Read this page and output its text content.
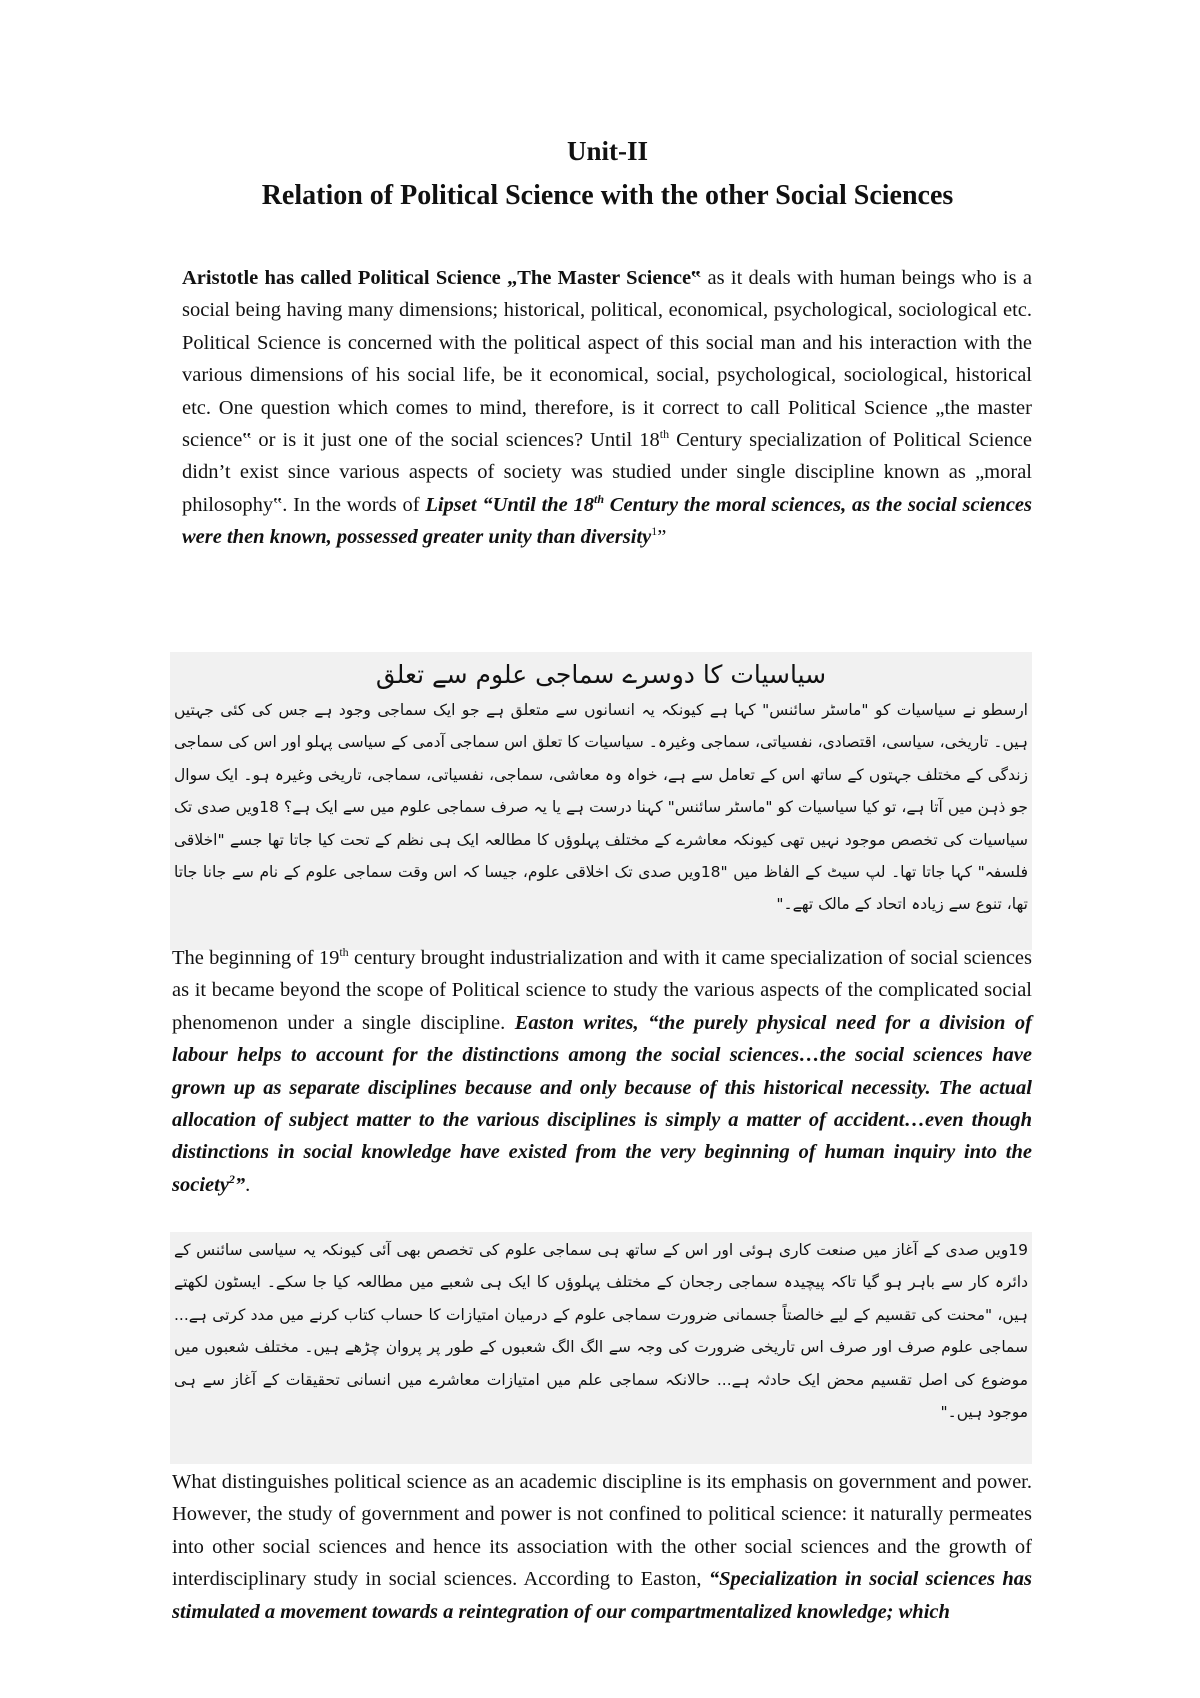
Unit-II
Relation of Political Science with the other Social Sciences

Aristotle has called Political Science „The Master Science‟ as it deals with human beings who is a social being having many dimensions; historical, political, economical, psychological, sociological etc. Political Science is concerned with the political aspect of this social man and his interaction with the various dimensions of his social life, be it economical, social, psychological, sociological, historical etc. One question which comes to mind, therefore, is it correct to call Political Science „the master science‟ or is it just one of the social sciences? Until 18th Century specialization of Political Science didn’t exist since various aspects of society was studied under single discipline known as „moral philosophy‟. In the words of Lipset “Until the 18th Century the moral sciences, as the social sciences were then known, possessed greater unity than diversity$^1$”

سیاسیات کا دوسرے سماجی علوم سے تعلق

ارسطو نے سیاسیات کو "ماسٹر سائنس" کہا ہے کیونکہ یہ انسانوں سے متعلق ہے جو ایک سماجی وجود ہے جس کی کئی جہتیں ہیں۔ تاریخی، سیاسی، اقتصادی، نفسیاتی، سماجی وغیرہ۔ سیاسیات کا تعلق اس سماجی آدمی کے سیاسی پہلو اور اس کی سماجی زندگی کے مختلف جہتوں کے ساتھ اس کے تعامل سے ہے، خواہ وہ معاشی، سماجی، نفسیاتی، سماجی، تاریخی وغیرہ ہو۔ ایک سوال جو ذہن میں آتا ہے، تو کیا سیاسیات کو "ماسٹر سائنس" کہنا درست ہے یا یہ صرف سماجی علوم میں سے ایک ہے؟ 18ویں صدی تک سیاسیات کی تخصص موجود نہیں تھی کیونکہ معاشرے کے مختلف پہلوؤں کا مطالعہ ایک ہی نظم کے تحت کیا جاتا تھا جسے "اخلاقی فلسفہ" کہا جاتا تھا۔ لپ سیٹ کے الفاظ میں "18ویں صدی تک اخلاقی علوم، جیسا کہ اس وقت سماجی علوم کے نام سے جانا جاتا تھا، تنوع سے زیادہ اتحاد کے مالک تھے۔"

The beginning of 19th century brought industrialization and with it came specialization of social sciences as it became beyond the scope of Political science to study the various aspects of the complicated social phenomenon under a single discipline. Easton writes, “the purely physical need for a division of labour helps to account for the distinctions among the social sciences…the social sciences have grown up as separate disciplines because and only because of this historical necessity. The actual allocation of subject matter to the various disciplines is simply a matter of accident…even though distinctions in social knowledge have existed from the very beginning of human inquiry into the society$^2$”.

19ویں صدی کے آغاز میں صنعت کاری ہوئی اور اس کے ساتھ ہی سماجی علوم کی تخصص بھی آئی کیونکہ یہ سیاسی سائنس کے دائرہ کار سے باہر ہو گیا تاکہ پیچیدہ سماجی رجحان کے مختلف پہلوؤں کا ایک ہی شعبے میں مطالعہ کیا جا سکے۔ ایسٹون لکھتے ہیں، "محنت کی تقسیم کے لیے خالصتاً جسمانی ضرورت سماجی علوم کے درمیان امتیازات کا حساب کتاب کرنے میں مدد کرتی ہے... سماجی علوم صرف اور صرف اس تاریخی ضرورت کی وجہ سے الگ الگ شعبوں کے طور پر پروان چڑھے ہیں۔ مختلف شعبوں میں موضوع کی اصل تقسیم محض ایک حادثہ ہے... حالانکہ سماجی علم میں امتیازات معاشرے میں انسانی تحقیقات کے آغاز سے ہی موجود ہیں۔"

What distinguishes political science as an academic discipline is its emphasis on government and power. However, the study of government and power is not confined to political science: it naturally permeates into other social sciences and hence its association with the other social sciences and the growth of interdisciplinary study in social sciences. According to Easton, “Specialization in social sciences has stimulated a movement towards a reintegration of our compartmentalized knowledge; which
